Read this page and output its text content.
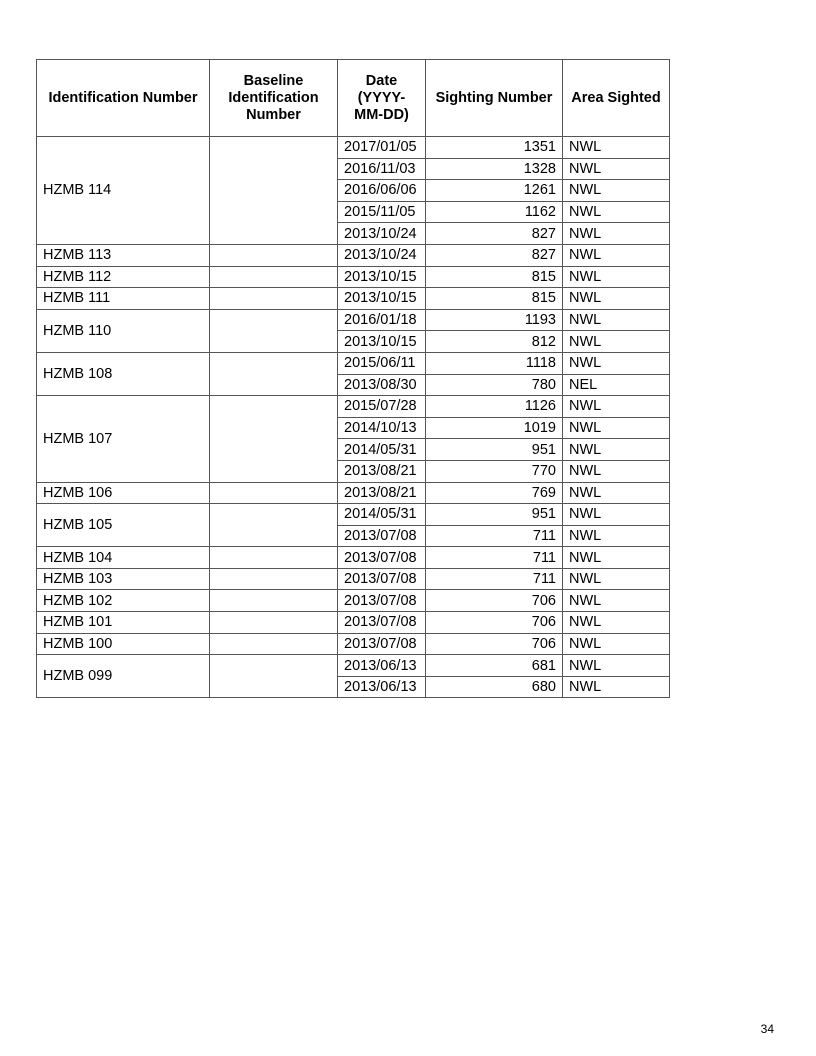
Identification Number	Baseline Identification Number	Date (YYYY-MM-DD)	Sighting Number	Area Sighted
HZMB 114		2017/01/05	1351	NWL
		2016/11/03	1328	NWL
		2016/06/06	1261	NWL
		2015/11/05	1162	NWL
		2013/10/24	827	NWL
HZMB 113		2013/10/24	827	NWL
HZMB 112		2013/10/15	815	NWL
HZMB 111		2013/10/15	815	NWL
HZMB 110		2016/01/18	1193	NWL
		2013/10/15	812	NWL
HZMB 108		2015/06/11	1118	NWL
		2013/08/30	780	NEL
HZMB 107		2015/07/28	1126	NWL
		2014/10/13	1019	NWL
		2014/05/31	951	NWL
		2013/08/21	770	NWL
HZMB 106		2013/08/21	769	NWL
HZMB 105		2014/05/31	951	NWL
		2013/07/08	711	NWL
HZMB 104		2013/07/08	711	NWL
HZMB 103		2013/07/08	711	NWL
HZMB 102		2013/07/08	706	NWL
HZMB 101		2013/07/08	706	NWL
HZMB 100		2013/07/08	706	NWL
HZMB 099		2013/06/13	681	NWL
		2013/06/13	680	NWL
34
